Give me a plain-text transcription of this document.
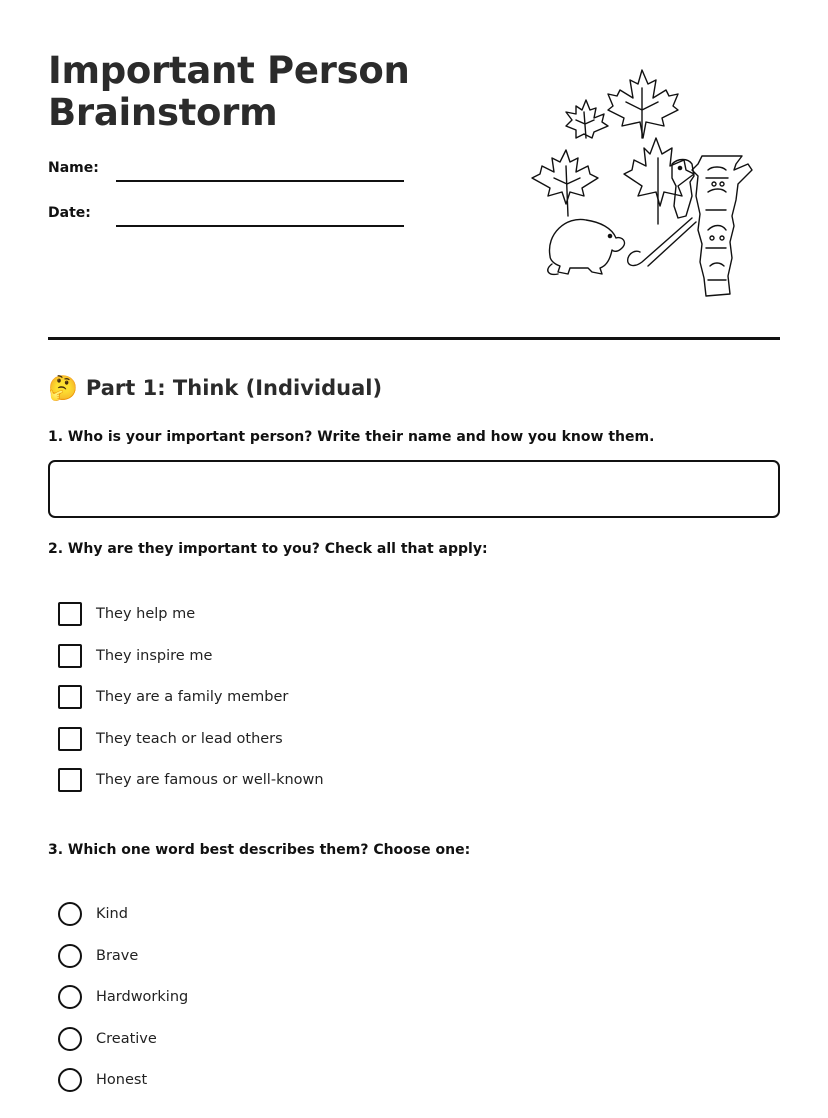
Important Person
Brainstorm
Name:
Date:
🤔 Part 1: Think (Individual)

1. Who is your important person? Write their name and how you know them.

2. Why are they important to you? Check all that apply:

They help me
They inspire me
They are a family member
They teach or lead others
They are famous or well-known

3. Which one word best describes them? Choose one:

Kind
Brave
Hardworking
Creative
Honest
